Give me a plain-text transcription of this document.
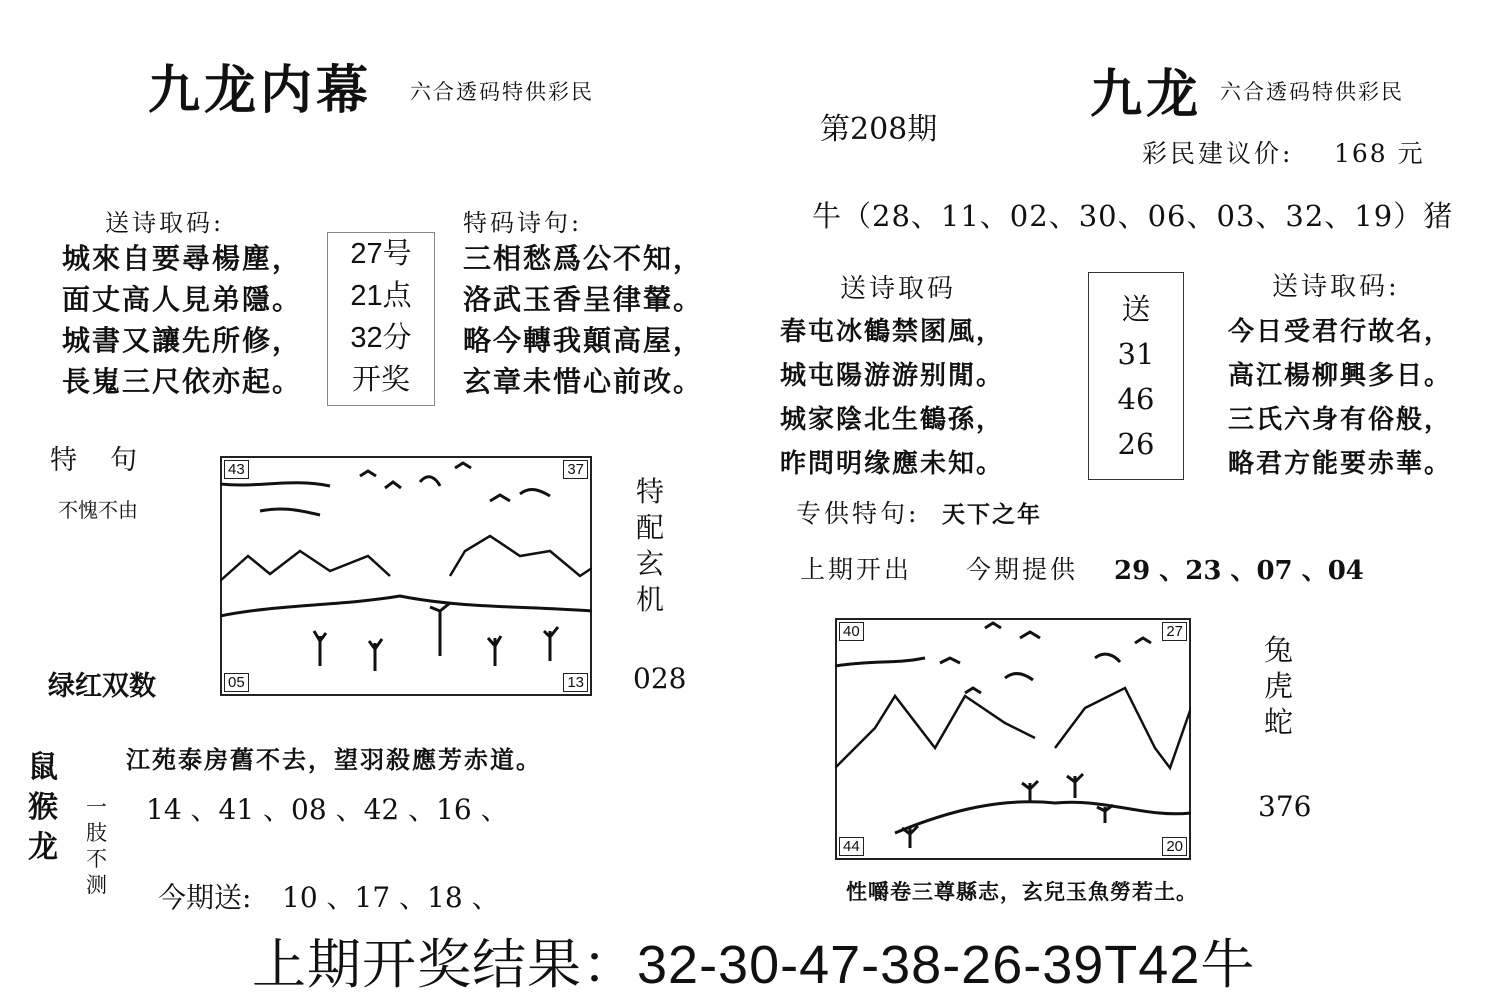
九龙内幕 六合透码特供彩民
送诗取码:
城來自要尋楊塵，
面丈高人見弟隱。
城書又讓先所修，
長嵬三尺依亦起。
27号
21点
32分
开奖
特码诗句:
三相愁爲公不知，
洛武玉香呈律輦。
略今轉我顛高屋，
玄章未惜心前改。
特　句
不愧不由
绿红双数
43	37
05	13
特
配
玄
机
028
江苑泰房舊不去，望羽殺應芳赤道。
鼠
猴
龙
一
肢
不
测
14 、41 、08 、42 、16 、
今期送: 10 、17 、18 、
九龙 六合透码特供彩民
第208期
彩民建议价: 168 元
牛（28、11、02、30、06、03、32、19）猪
送诗取码
春屯冰鶴禁圂風，
城屯陽游游别閒。
城家陰北生鶴孫，
昨問明缘應未知。
送
31
46
26
送诗取码:
今日受君行故名，
高江楊柳興多日。
三氏六身有俗般，
略君方能要赤華。
专供特句: 天下之年
上期开出 今期提供 29 、23 、07 、04
40	27
44	20
兔
虎
蛇
376
性嚼卷三尊縣志，玄兒玉魚勞若土。
上期开奖结果：32-30-47-38-26-39T42牛
